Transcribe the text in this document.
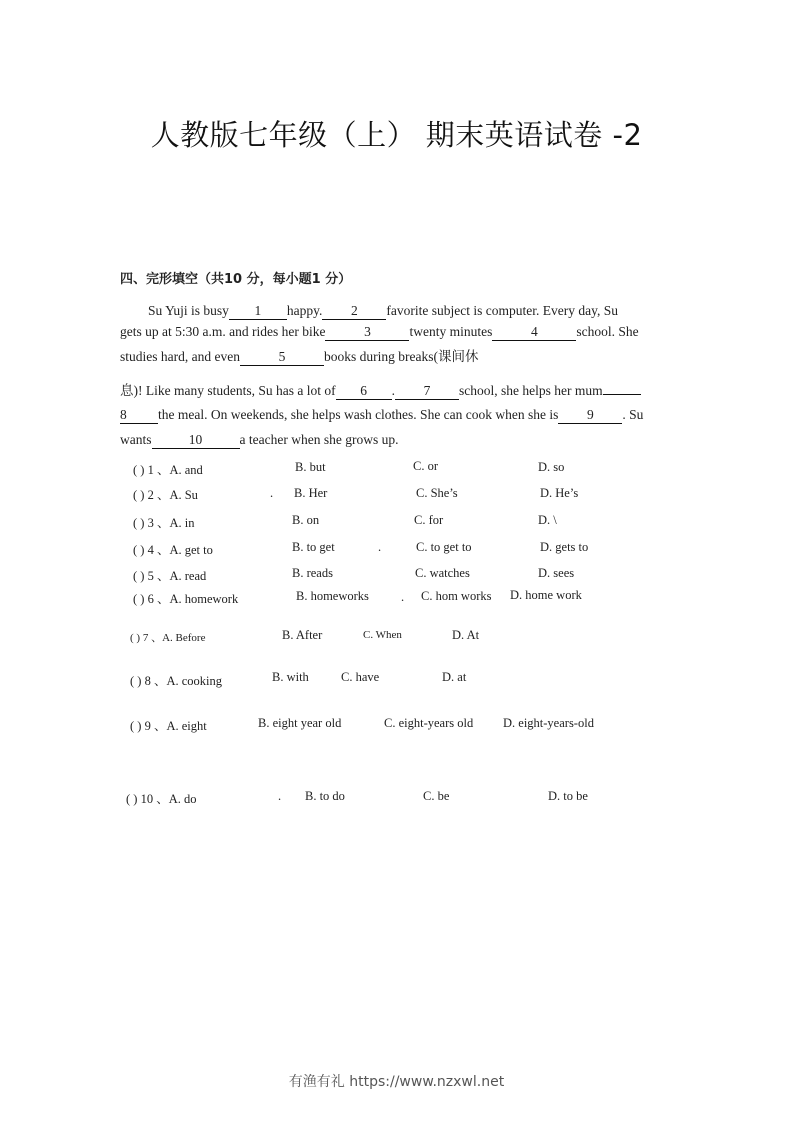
人教版七年级（上） 期末英语试卷 -2
四、完形填空（共10 分，每小题1 分）
Su Yuji is busy 1 happy. 2 favorite subject is computer. Every day, Su
gets up at 5:30 a.m. and rides her bike	3	twenty minutes	4	school. She
studies hard, and even	5	books during breaks(课间休
息)! Like many students, Su has a lot of 6 . 7 school, she helps her mum
8 the meal. On weekends, she helps wash clothes. She can cook when she is 9 . Su
wants	10	a teacher when she grows up.
( ) 1 、A. and	B. but	C. or	D. so
( ) 2 、A. Su	. B. Her	C. She’s	D. He’s
( ) 3 、A. in	B. on	C. for	D. \
( ) 4 、A. get to	B. to get	.	C. to get to	D. gets to
( ) 5 、A. read	B. reads	C. watches	D. sees
( ) 6 、A. homework	B. homeworks	. C. hom works D. home work
( ) 7 、A. Before	B. After	C. When	D. At
( ) 8 、A. cooking	B. with	C. have	D. at
( ) 9 、A. eight	B. eight year old	C. eight-years old D. eight-years-old
( ) 10 、A. do	. B. to do	C. be	D. to be
有渔有礼 https://www.nzxwl.net
